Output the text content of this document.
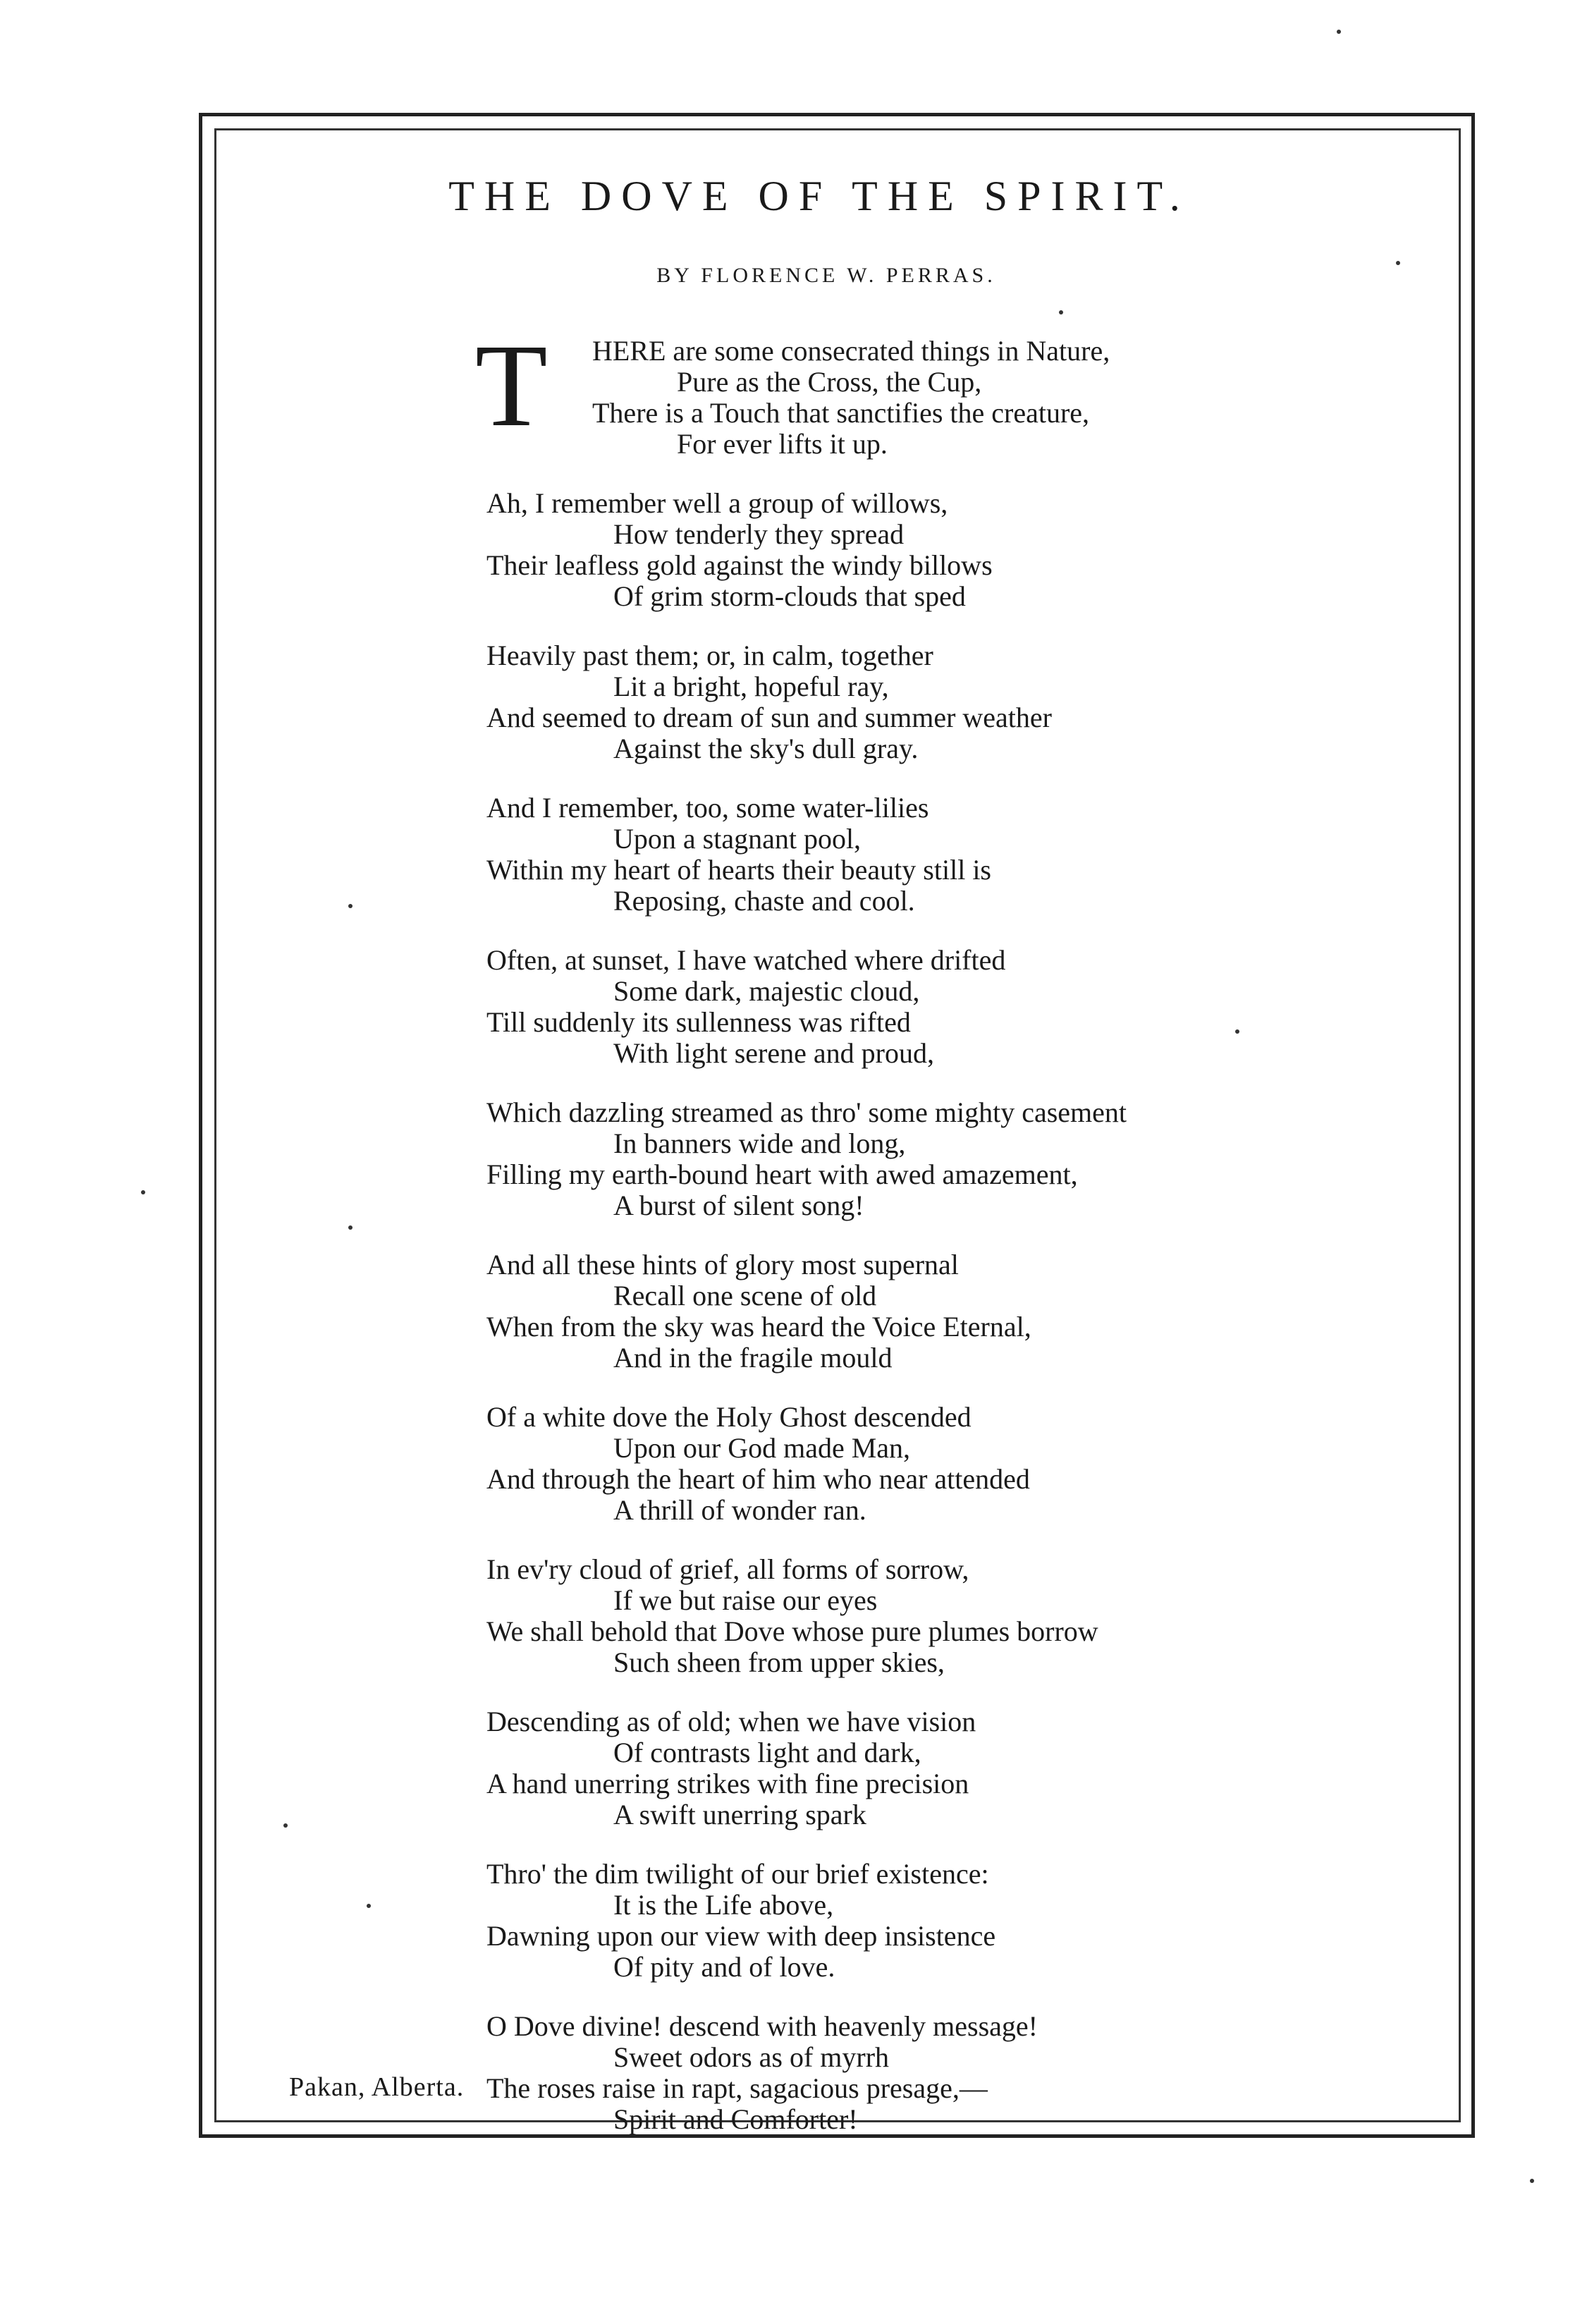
THE DOVE OF THE SPIRIT.
BY FLORENCE W. PERRAS.
T	HERE are some consecrated things in Nature,
Pure as the Cross, the Cup,
There is a Touch that sanctifies the creature,
For ever lifts it up.
Ah, I remember well a group of willows,
How tenderly they spread
Their leafless gold against the windy billows
Of grim storm-clouds that sped
Heavily past them; or, in calm, together
Lit a bright, hopeful ray,
And seemed to dream of sun and summer weather
Against the sky's dull gray.
And I remember, too, some water-lilies
Upon a stagnant pool,
Within my heart of hearts their beauty still is
Reposing, chaste and cool.
Often, at sunset, I have watched where drifted
Some dark, majestic cloud,
Till suddenly its sullenness was rifted
With light serene and proud,
Which dazzling streamed as thro' some mighty casement
In banners wide and long,
Filling my earth-bound heart with awed amazement,
A burst of silent song!
And all these hints of glory most supernal
Recall one scene of old
When from the sky was heard the Voice Eternal,
And in the fragile mould
Of a white dove the Holy Ghost descended
Upon our God made Man,
And through the heart of him who near attended
A thrill of wonder ran.
In ev'ry cloud of grief, all forms of sorrow,
If we but raise our eyes
We shall behold that Dove whose pure plumes borrow
Such sheen from upper skies,
Descending as of old; when we have vision
Of contrasts light and dark,
A hand unerring strikes with fine precision
A swift unerring spark
Thro' the dim twilight of our brief existence:
It is the Life above,
Dawning upon our view with deep insistence
Of pity and of love.
O Dove divine! descend with heavenly message!
Sweet odors as of myrrh
The roses raise in rapt, sagacious presage,—
Spirit and Comforter!
Pakan, Alberta.
